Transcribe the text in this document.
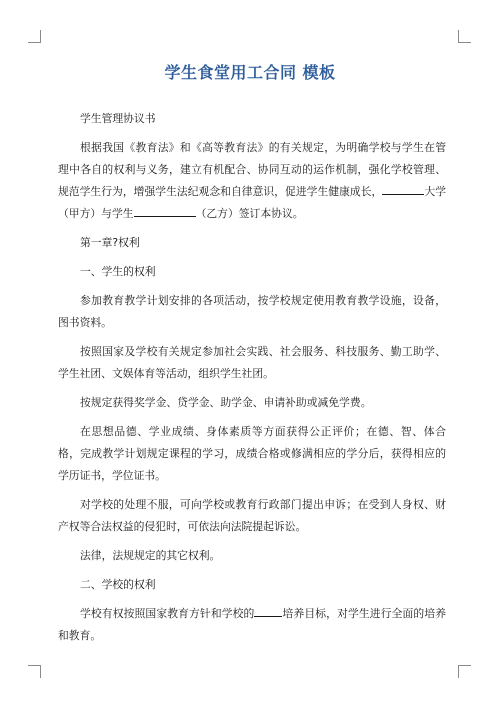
学生食堂用工合同 模板

学生管理协议书

根据我国《教育法》和《高等教育法》的有关规定，为明确学校与学生在管理中各自的权利与义务，建立有机配合、协同互动的运作机制，强化学校管理、规范学生行为，增强学生法纪观念和自律意识，促进学生健康成长，	大学（甲方）与学生	（乙方）签订本协议。

第一章?权利

一、学生的权利

参加教育教学计划安排的各项活动，按学校规定使用教育教学设施，设备，图书资料。

按照国家及学校有关规定参加社会实践、社会服务、科技服务、勤工助学、学生社团、文娱体育等活动，组织学生社团。

按规定获得奖学金、贷学金、助学金、申请补助或减免学费。

在思想品德、学业成绩、身体素质等方面获得公正评价；在德、智、体合格，完成教学计划规定课程的学习，成绩合格或修满相应的学分后，获得相应的学历证书，学位证书。

对学校的处理不服，可向学校或教育行政部门提出申诉；在受到人身权、财产权等合法权益的侵犯时，可依法向法院提起诉讼。

法律，法规规定的其它权利。

二、学校的权利

学校有权按照国家教育方针和学校的	培养目标，对学生进行全面的培养和教育。
